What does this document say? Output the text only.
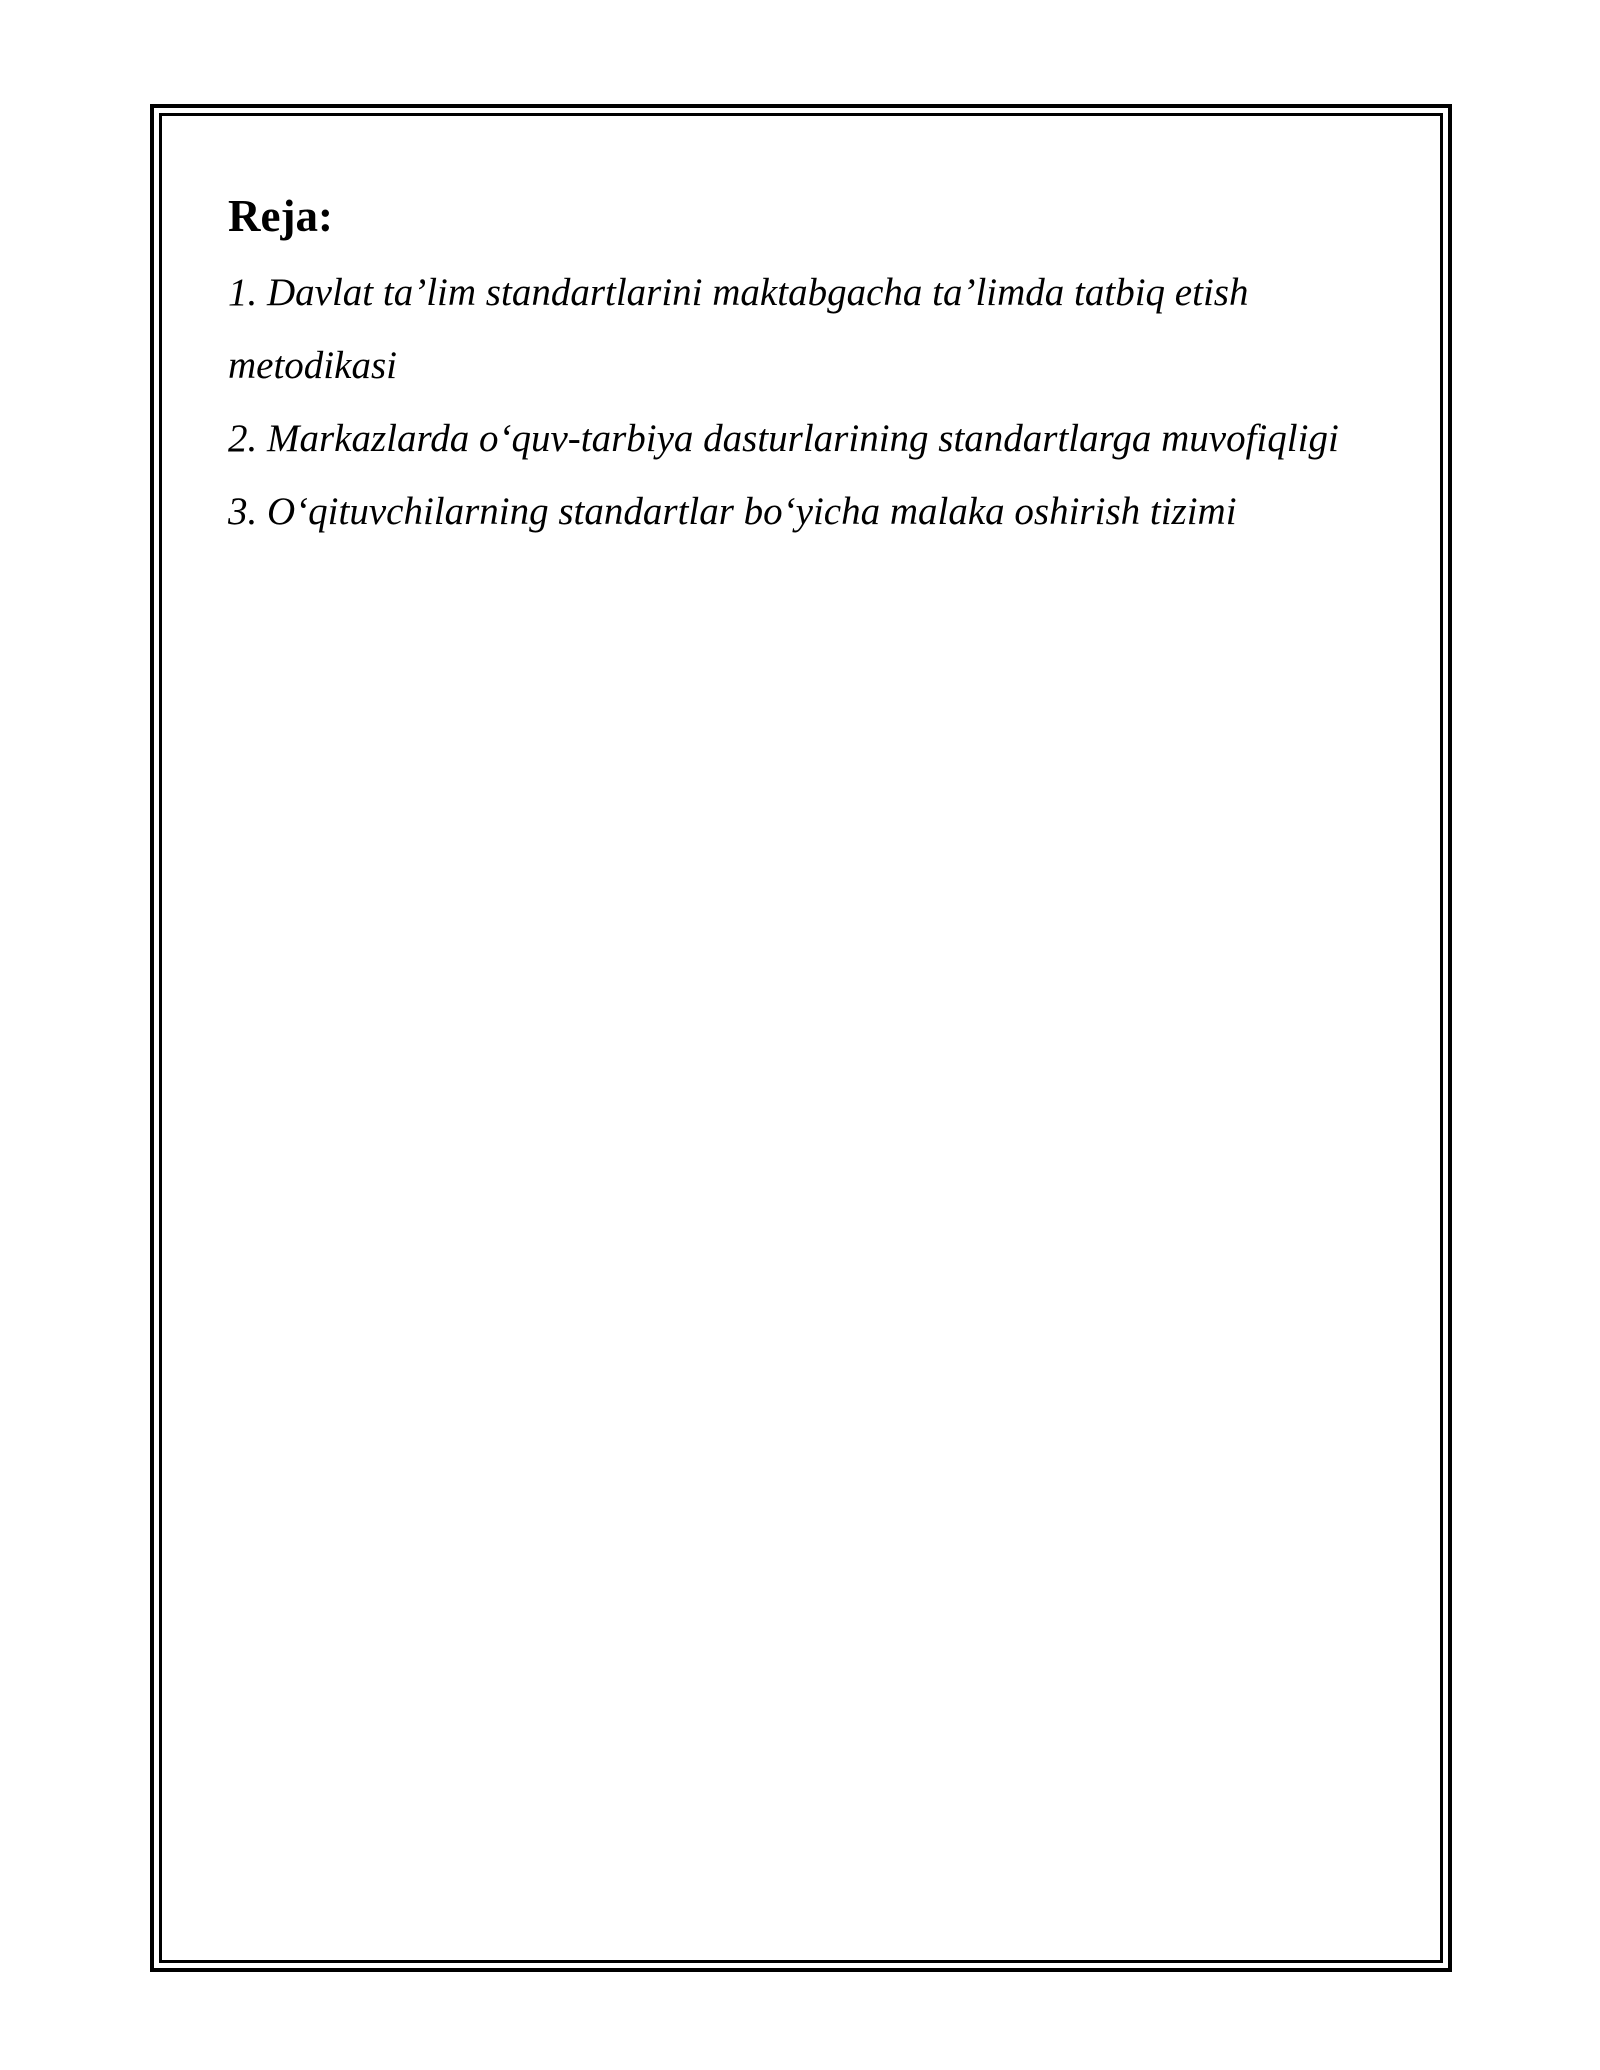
Reja:
1. Davlat ta’lim standartlarini maktabgacha ta’limda tatbiq etish metodikasi
2. Markazlarda o‘quv-tarbiya dasturlarining standartlarga muvofiqligi
3. O‘qituvchilarning standartlar bo‘yicha malaka oshirish tizimi
